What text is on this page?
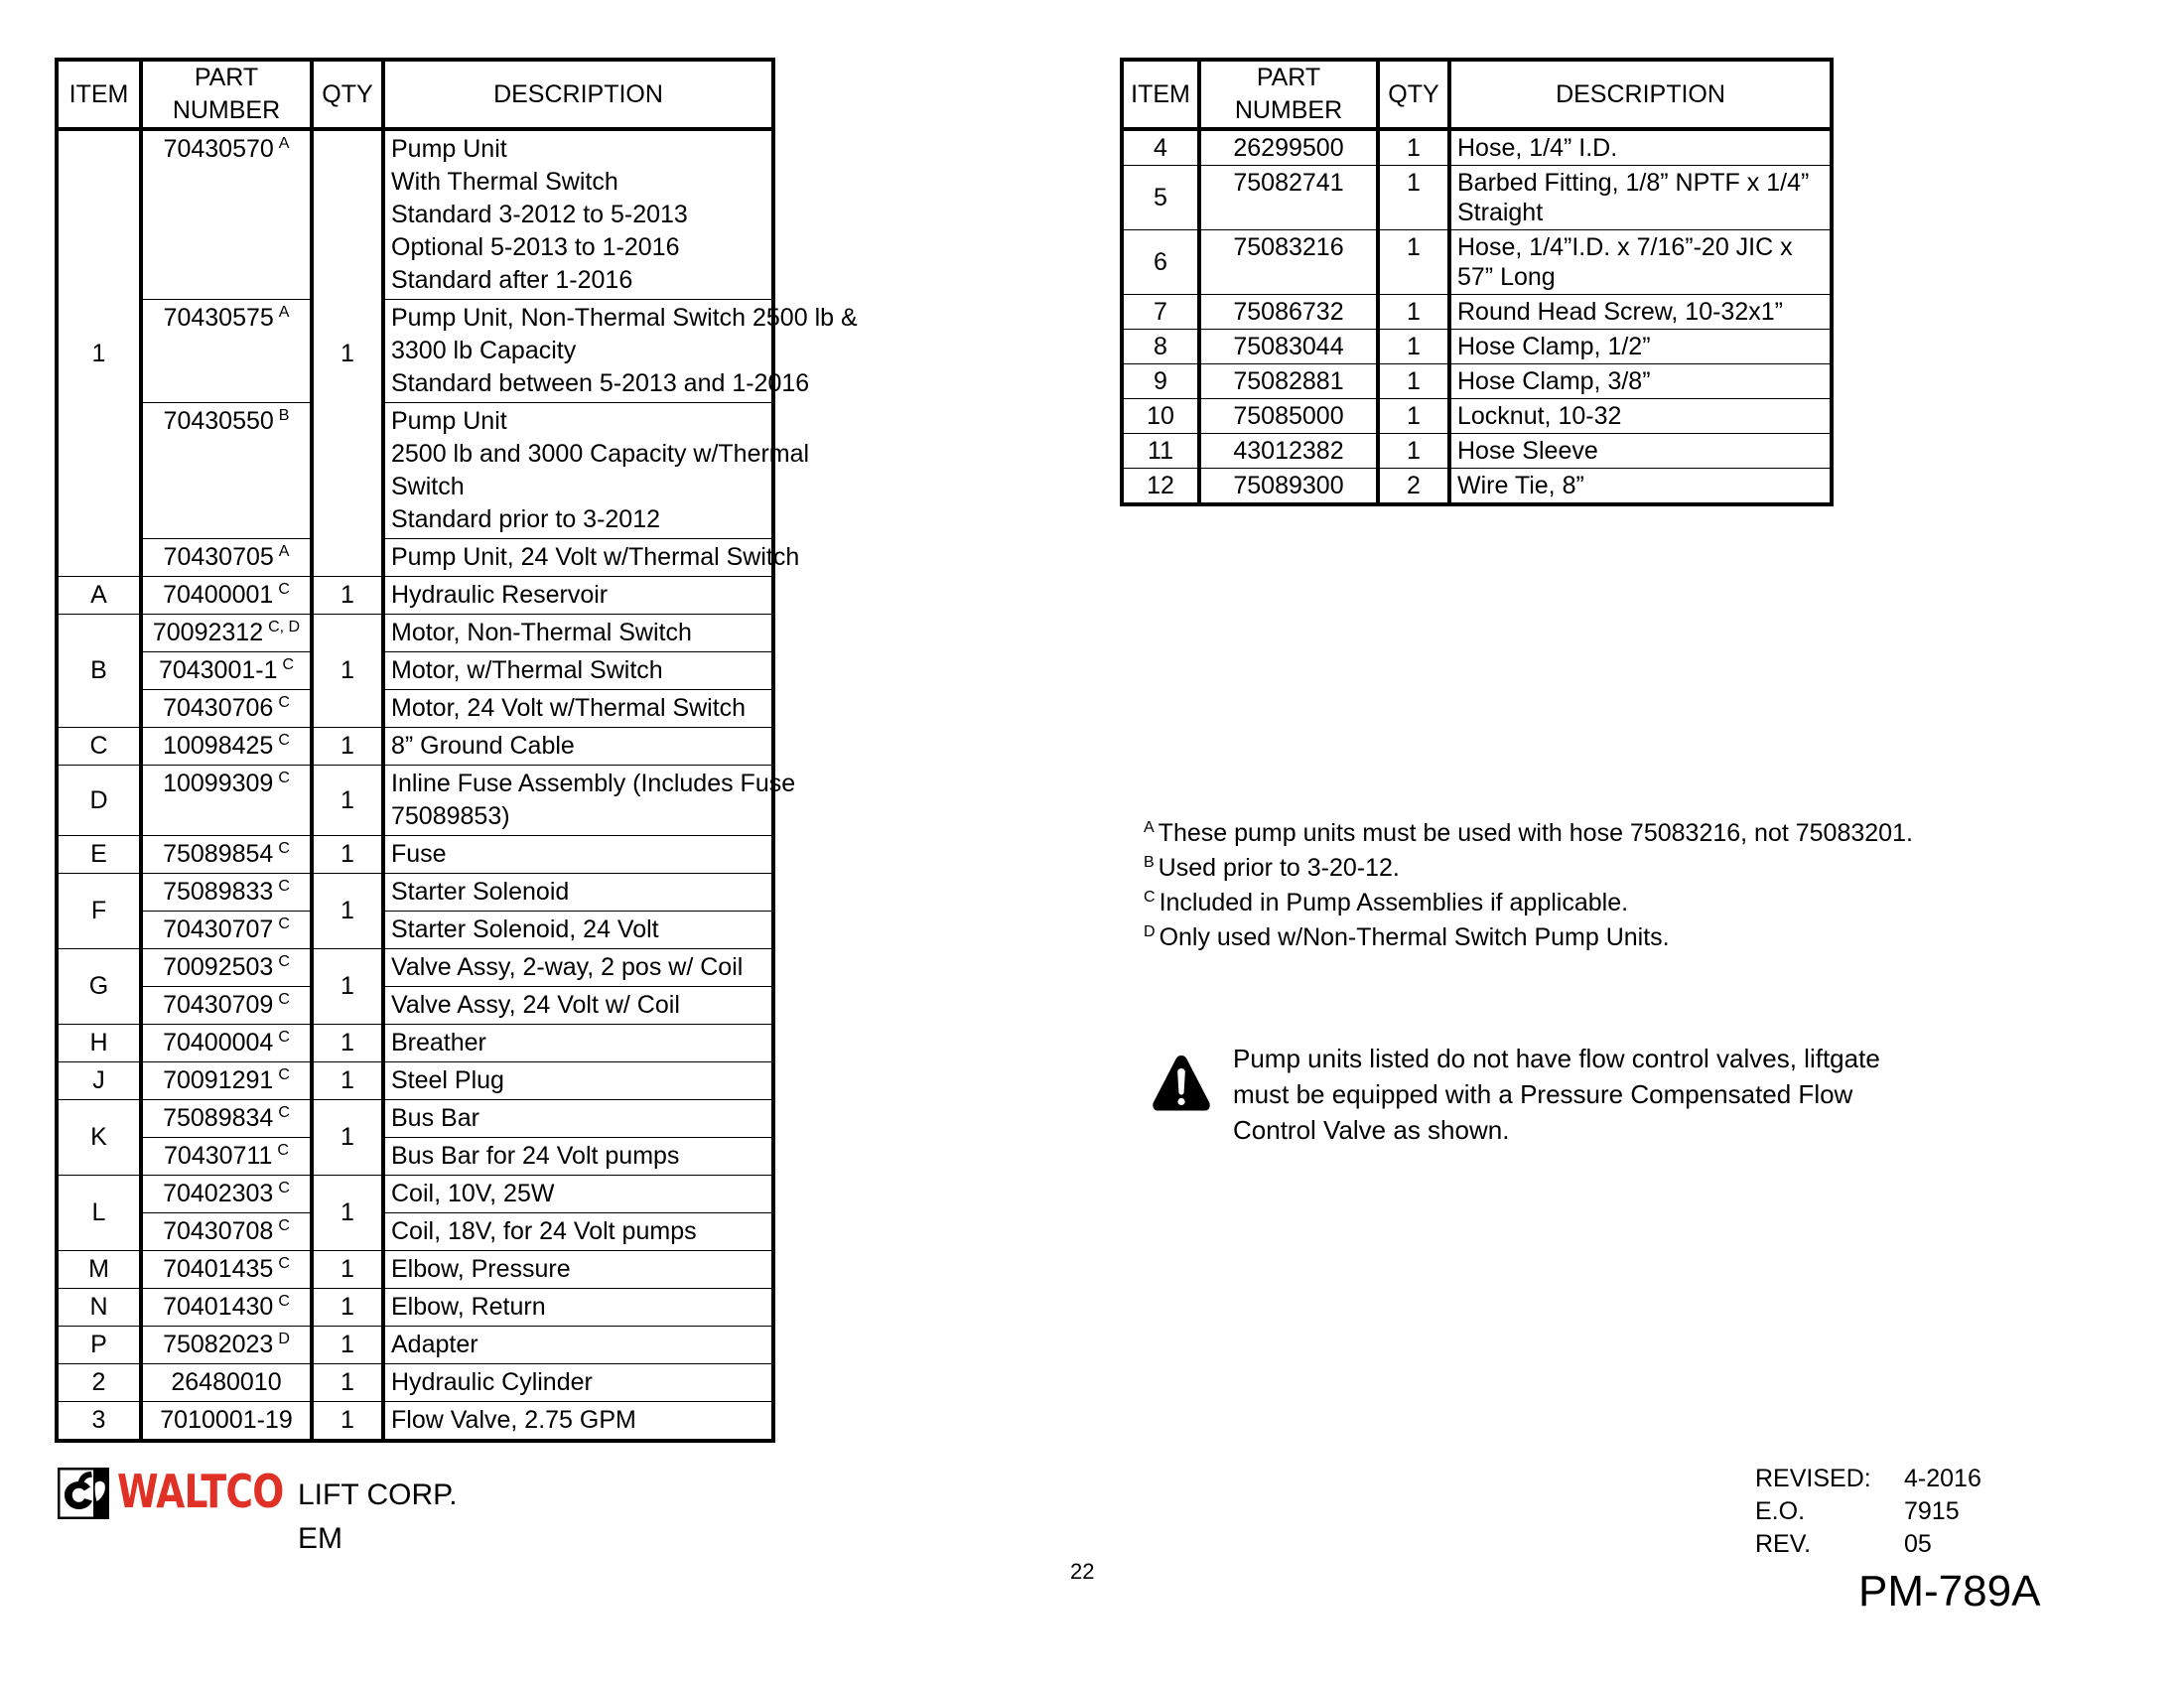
ITEM	PART NUMBER	QTY	DESCRIPTION
1	70430570 $^A$	1	Pump Unit
With Thermal Switch
Standard 3-2012 to 5-2013
Optional 5-2013 to 1-2016
Standard after 1-2016

	70430575 $^A$		Pump Unit, Non-Thermal Switch 2500 lb &
3300 lb Capacity
Standard between 5-2013 and 1-2016

	70430550 $^B$		Pump Unit
2500 lb and 3000 Capacity w/Thermal
Switch
Standard prior to 3-2012

	70430705 $^A$		Pump Unit, 24 Volt w/Thermal Switch

A	70400001 $^C$	1	Hydraulic Reservoir

B	70092312 $^{C, D}$	1	Motor, Non-Thermal Switch

	7043001-1 $^C$		Motor, w/Thermal Switch

	70430706 $^C$		Motor, 24 Volt w/Thermal Switch

C	10098425 $^C$	1	8” Ground Cable

D	10099309 $^C$	1	Inline Fuse Assembly (Includes Fuse
75089853)

E	75089854 $^C$	1	Fuse

F	75089833 $^C$	1	Starter Solenoid

	70430707 $^C$		Starter Solenoid, 24 Volt

G	70092503 $^C$	1	Valve Assy, 2-way, 2 pos w/ Coil

	70430709 $^C$		Valve Assy, 24 Volt w/ Coil

H	70400004 $^C$	1	Breather

J	70091291 $^C$	1	Steel Plug

K	75089834 $^C$	1	Bus Bar

	70430711 $^C$		Bus Bar for 24 Volt pumps

L	70402303 $^C$	1	Coil, 10V, 25W

	70430708 $^C$		Coil, 18V, for 24 Volt pumps

M	70401435 $^C$	1	Elbow, Pressure

N	70401430 $^C$	1	Elbow, Return

P	75082023 $^D$	1	Adapter

2	26480010	1	Hydraulic Cylinder

3	7010001-19	1	Flow Valve, 2.75 GPM
ITEM	PART NUMBER	QTY	DESCRIPTION
4	26299500	1	Hose, 1/4” I.D.
5	75082741	1	Barbed Fitting, 1/8” NPTF x 1/4” Straight
6	75083216	1	Hose, 1/4”I.D. x 7/16”-20 JIC x 57” Long
7	75086732	1	Round Head Screw, 10-32x1”
8	75083044	1	Hose Clamp, 1/2”
9	75082881	1	Hose Clamp, 3/8”
10	75085000	1	Locknut, 10-32
11	43012382	1	Hose Sleeve
12	75089300	2	Wire Tie, 8”
$^A$ These pump units must be used with hose 75083216, not 75083201.
$^B$ Used prior to 3-20-12.
$^C$ Included in Pump Assemblies if applicable.
$^D$ Only used w/Non-Thermal Switch Pump Units.
Pump units listed do not have flow control valves, liftgate
must be equipped with a Pressure Compensated Flow
Control Valve as shown.
WALTCO LIFT CORP.
EM
22
REVISED:	4-2016
E.O.	7915
REV.	05
PM-789A
